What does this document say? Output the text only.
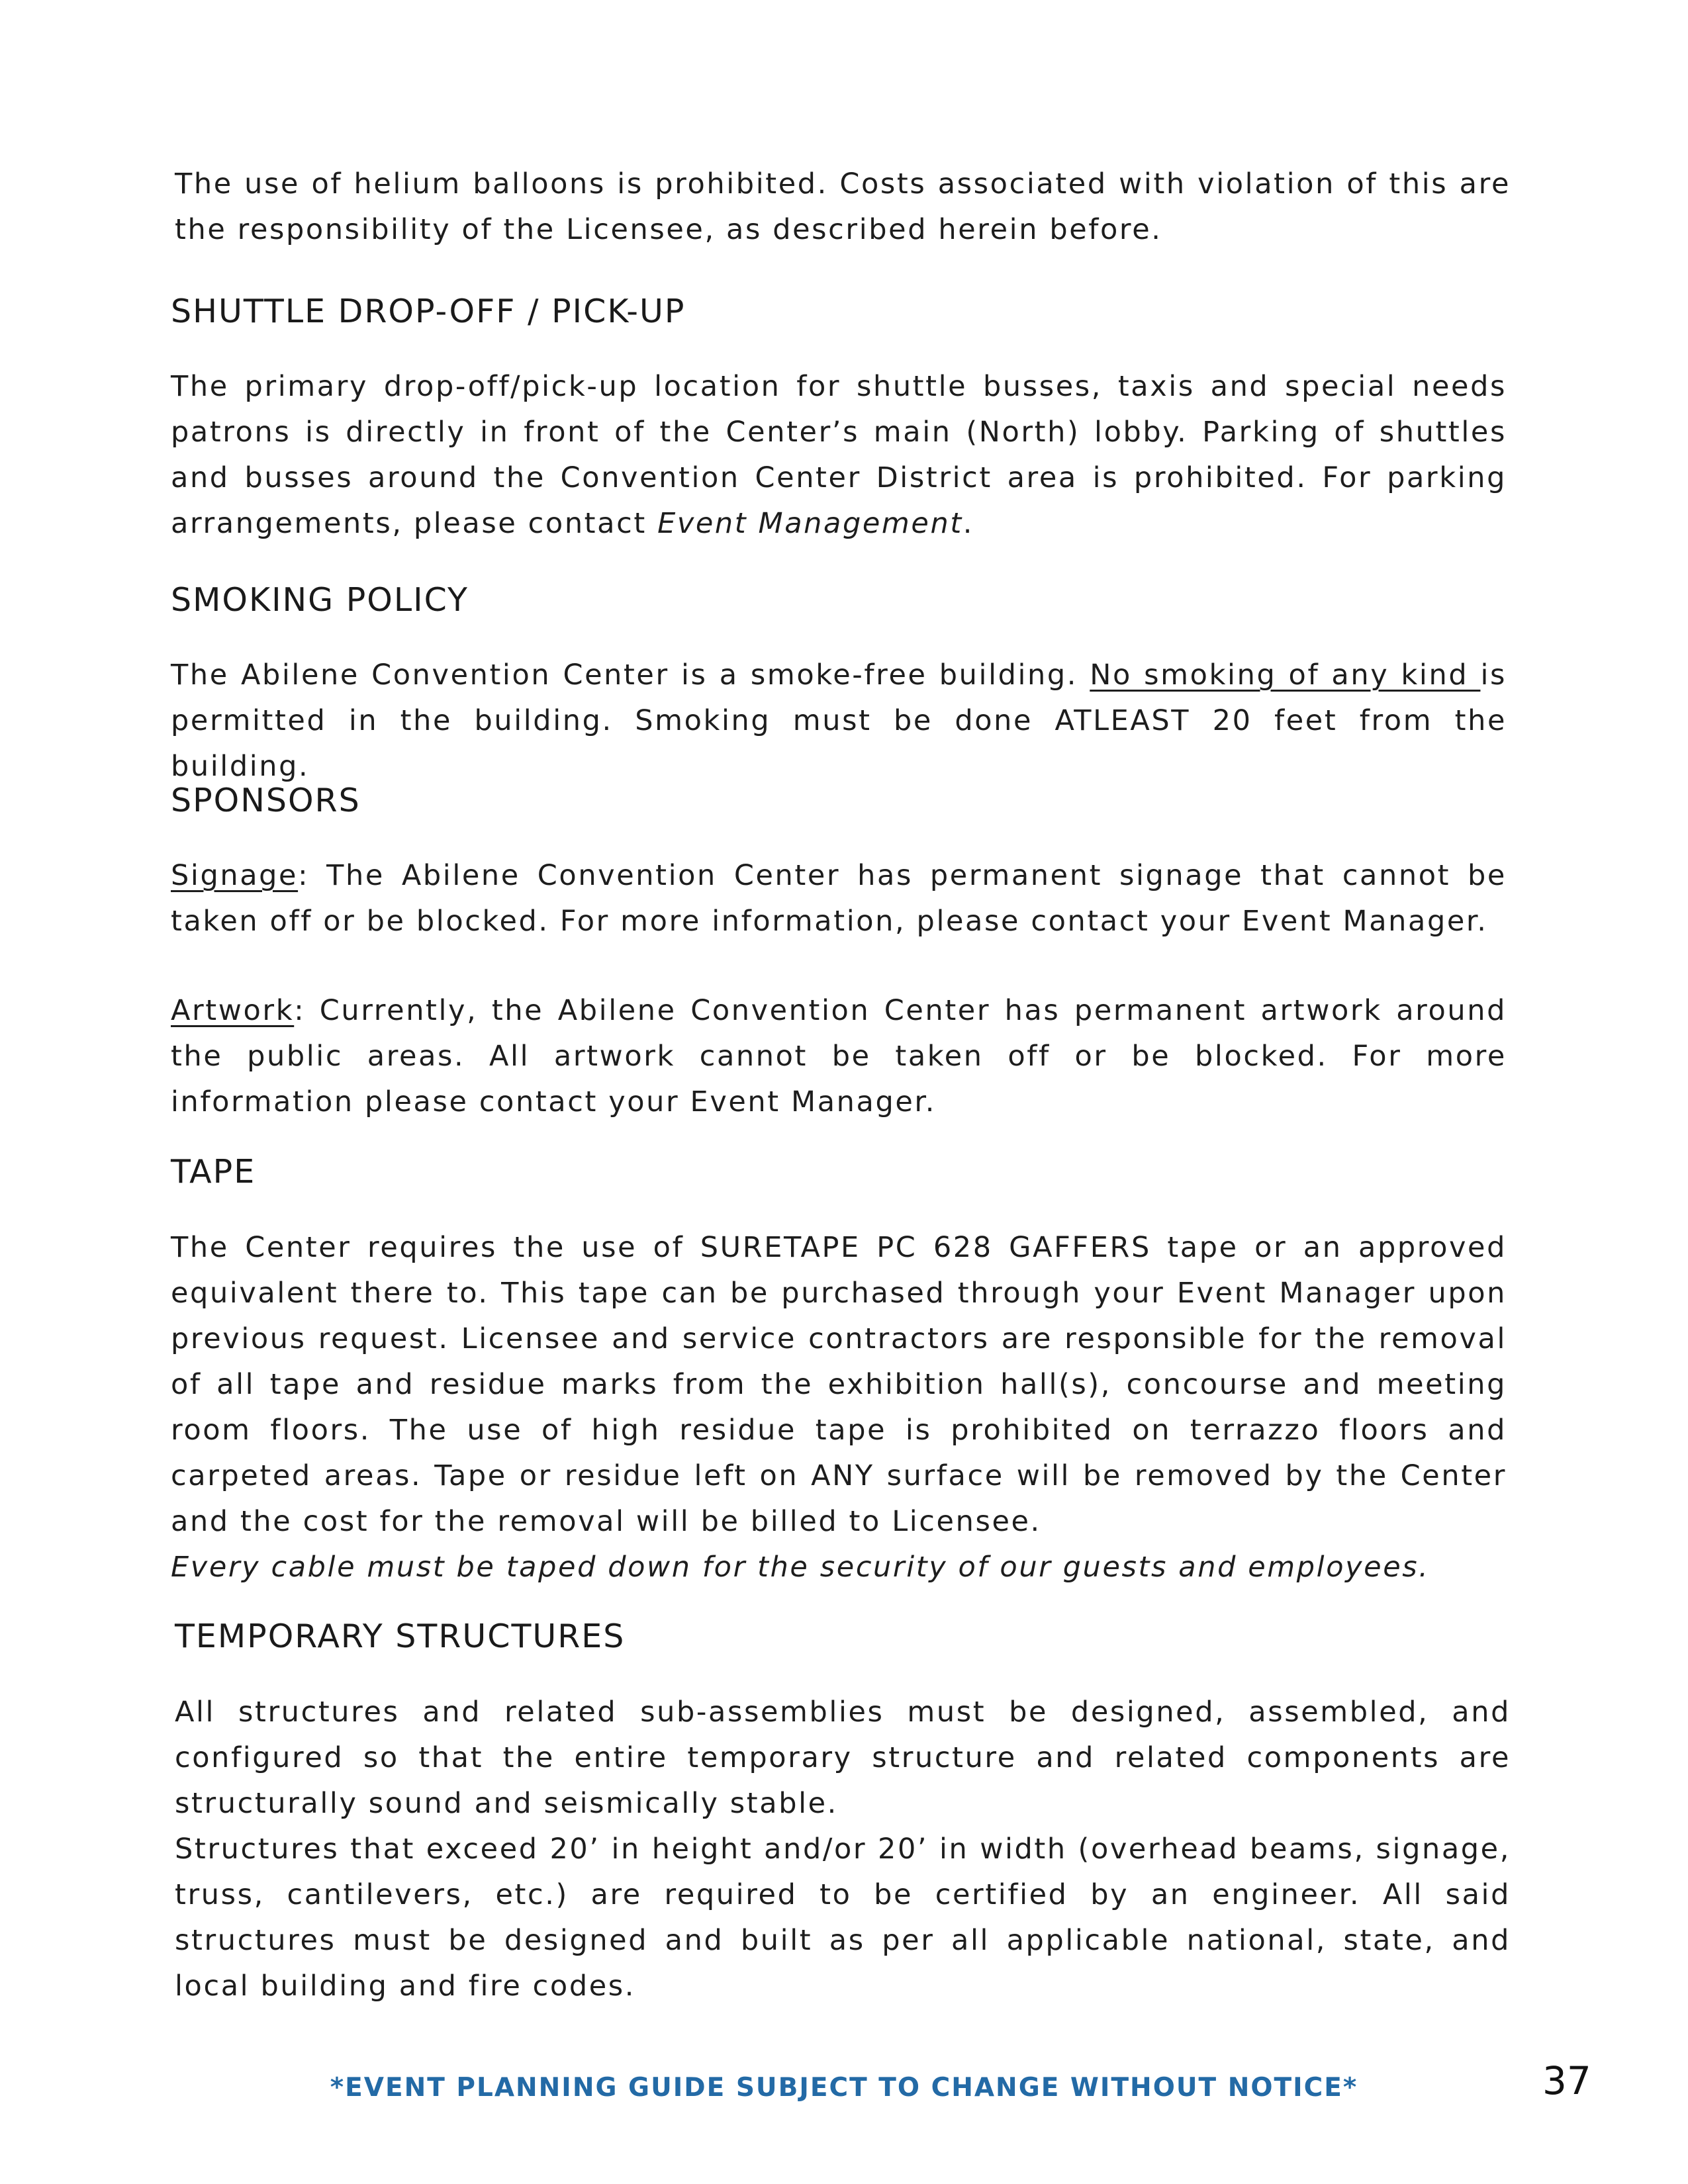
The use of helium balloons is prohibited. Costs associated with violation of this are the responsibility of the Licensee, as described herein before.

SHUTTLE DROP-OFF / PICK-UP

The primary drop-off/pick-up location for shuttle busses, taxis and special needs patrons is directly in front of the Center’s main (North) lobby. Parking of shuttles and busses around the Convention Center District area is prohibited. For parking arrangements, please contact Event Management.

SMOKING POLICY

The Abilene Convention Center is a smoke-free building. No smoking of any kind is permitted in the building. Smoking must be done ATLEAST 20 feet from the building.

SPONSORS

Signage: The Abilene Convention Center has permanent signage that cannot be taken off or be blocked. For more information, please contact your Event Manager.

Artwork: Currently, the Abilene Convention Center has permanent artwork around the public areas. All artwork cannot be taken off or be blocked. For more information please contact your Event Manager.

TAPE

The Center requires the use of SURETAPE PC 628 GAFFERS tape or an approved equivalent there to. This tape can be purchased through your Event Manager upon previous request. Licensee and service contractors are responsible for the removal of all tape and residue marks from the exhibition hall(s), concourse and meeting room floors. The use of high residue tape is prohibited on terrazzo floors and carpeted areas. Tape or residue left on ANY surface will be removed by the Center and the cost for the removal will be billed to Licensee.

Every cable must be taped down for the security of our guests and employees.

TEMPORARY STRUCTURES

All structures and related sub-assemblies must be designed, assembled, and configured so that the entire temporary structure and related components are structurally sound and seismically stable.

Structures that exceed 20’ in height and/or 20’ in width (overhead beams, signage, truss, cantilevers, etc.) are required to be certified by an engineer. All said structures must be designed and built as per all applicable national, state, and local building and fire codes.

*EVENT PLANNING GUIDE SUBJECT TO CHANGE WITHOUT NOTICE*	37
